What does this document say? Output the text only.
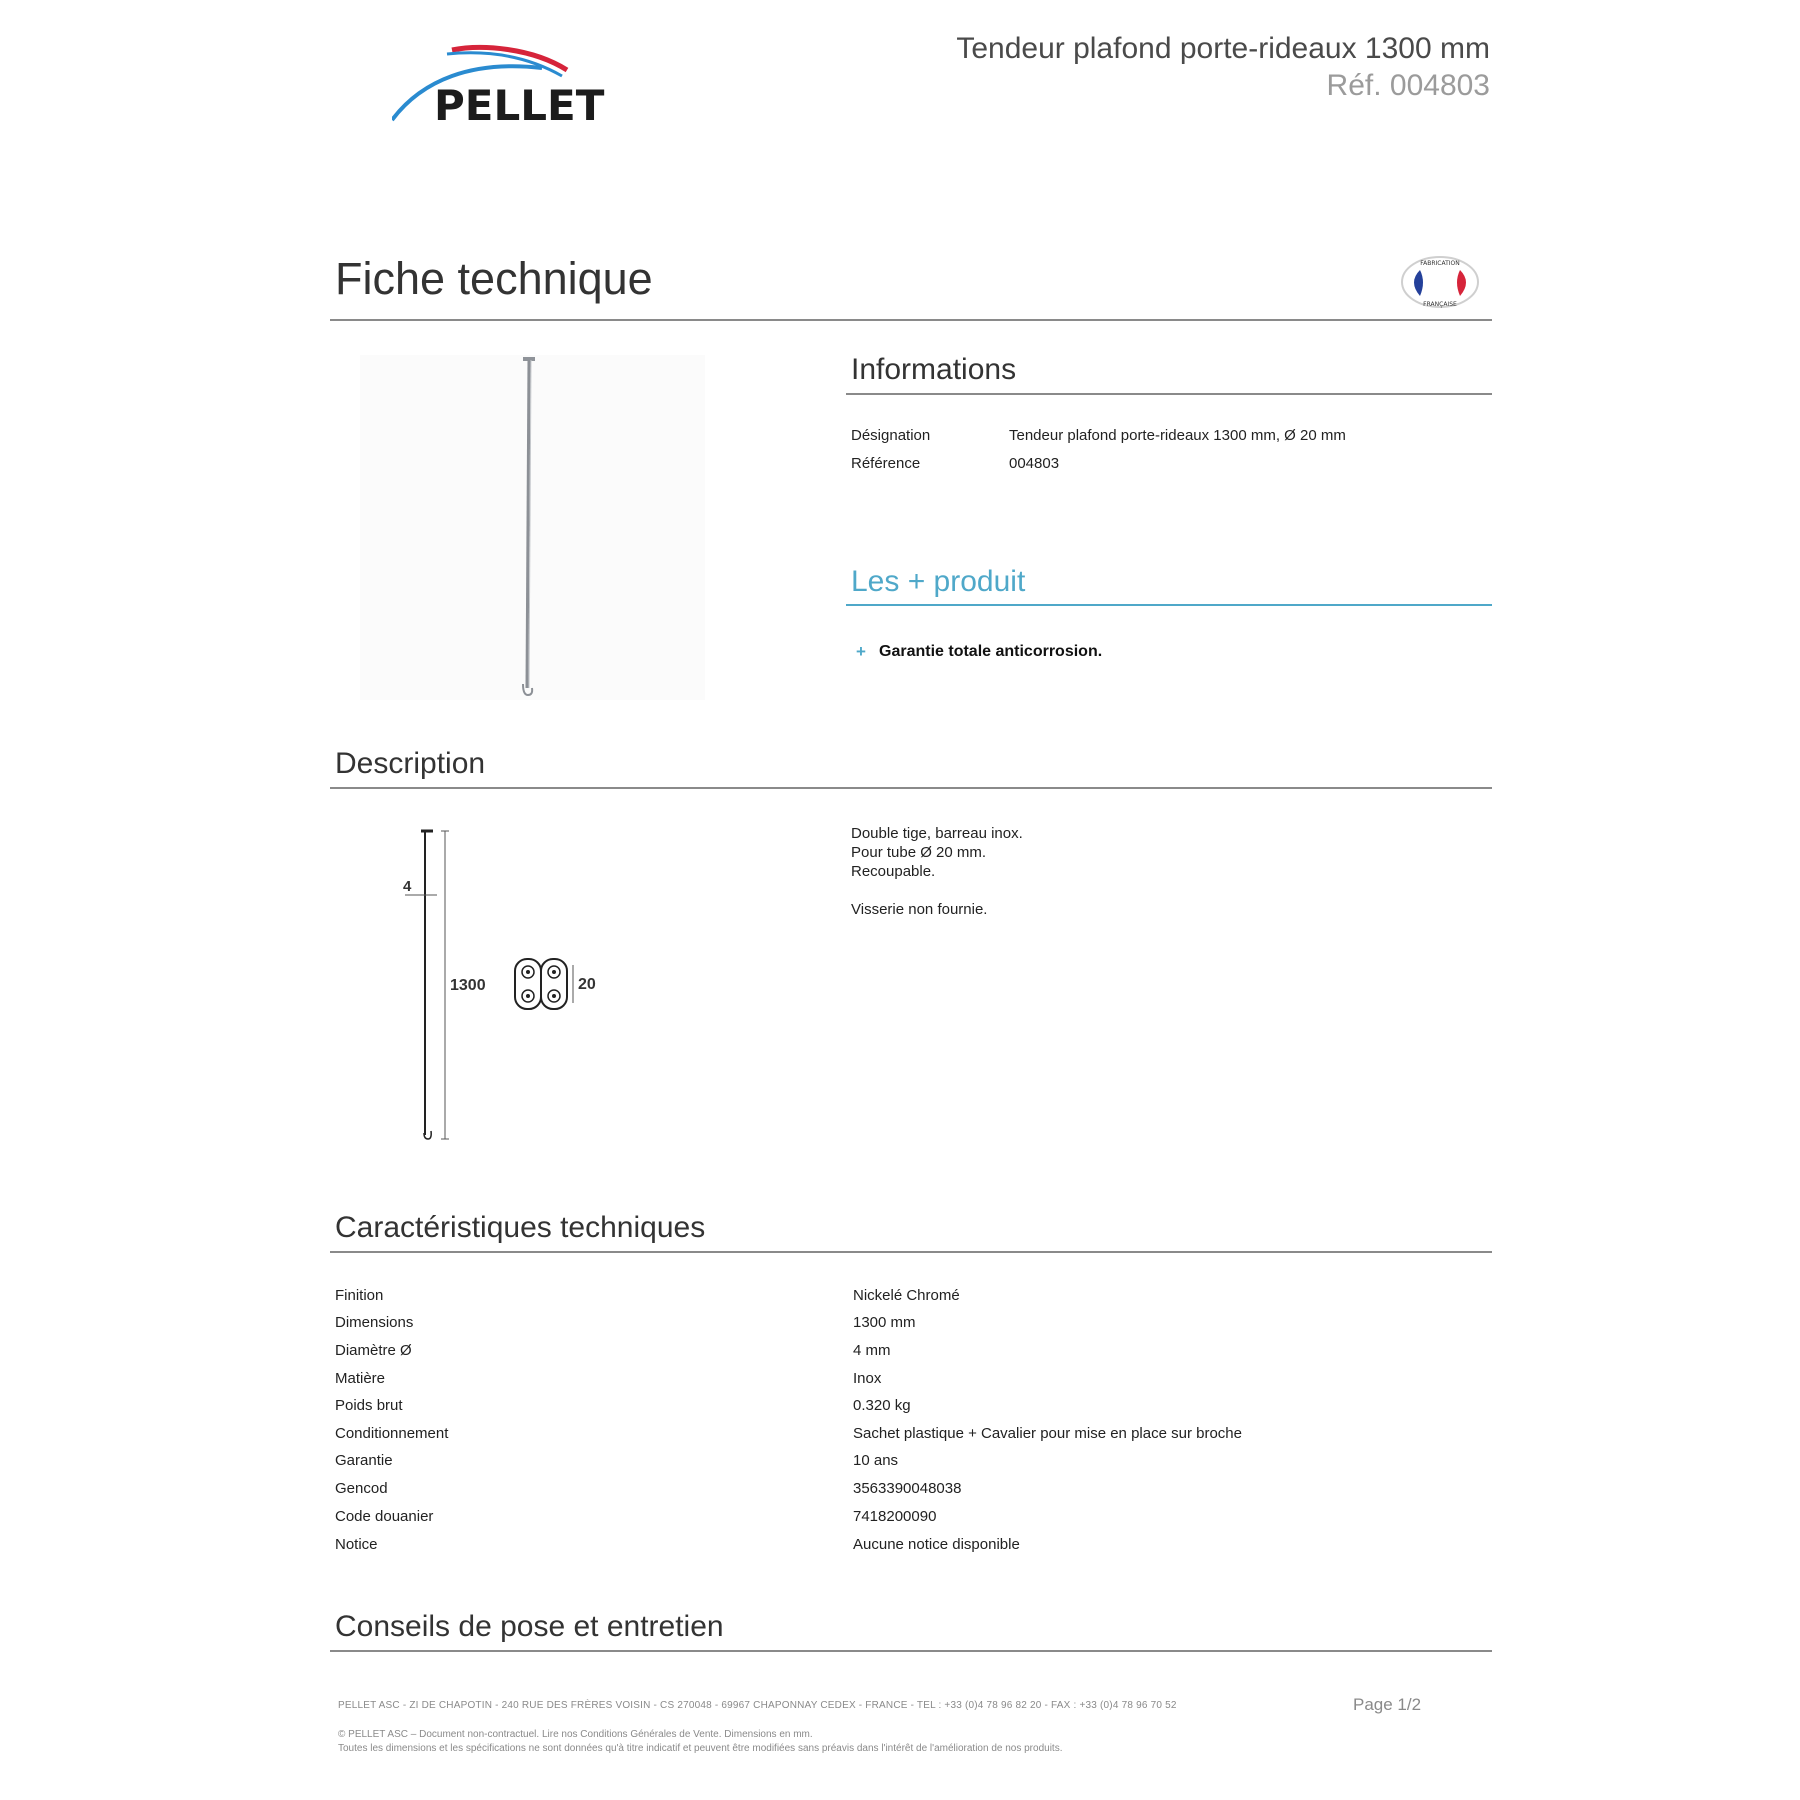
PELLET
Tendeur plafond porte-rideaux 1300 mm
Réf. 004803
Fiche technique	FABRICATION
FRANÇAISE
Informations
Désignation	Tendeur plafond porte-rideaux 1300 mm, Ø 20 mm
Référence	004803
Les + produit
+ Garantie totale anticorrosion.
Description
4
1300	20
Double tige, barreau inox.
Pour tube Ø 20 mm.
Recoupable.
Visserie non fournie.
Caractéristiques techniques
Finition	Nickelé Chromé
Dimensions	1300 mm
Diamètre Ø	4 mm
Matière	Inox
Poids brut	0.320 kg
Conditionnement	Sachet plastique + Cavalier pour mise en place sur broche
Garantie	10 ans
Gencod	3563390048038
Code douanier	7418200090
Notice	Aucune notice disponible
Conseils de pose et entretien
PELLET ASC - ZI DE CHAPOTIN - 240 RUE DES FRÈRES VOISIN - CS 270048 - 69967 CHAPONNAY CEDEX - FRANCE - TEL : +33 (0)4 78 96 82 20 - FAX : +33 (0)4 78 96 70 52	Page 1/2
© PELLET ASC – Document non-contractuel. Lire nos Conditions Générales de Vente. Dimensions en mm.
Toutes les dimensions et les spécifications ne sont données qu'à titre indicatif et peuvent être modifiées sans préavis dans l'intérêt de l'amélioration de nos produits.
